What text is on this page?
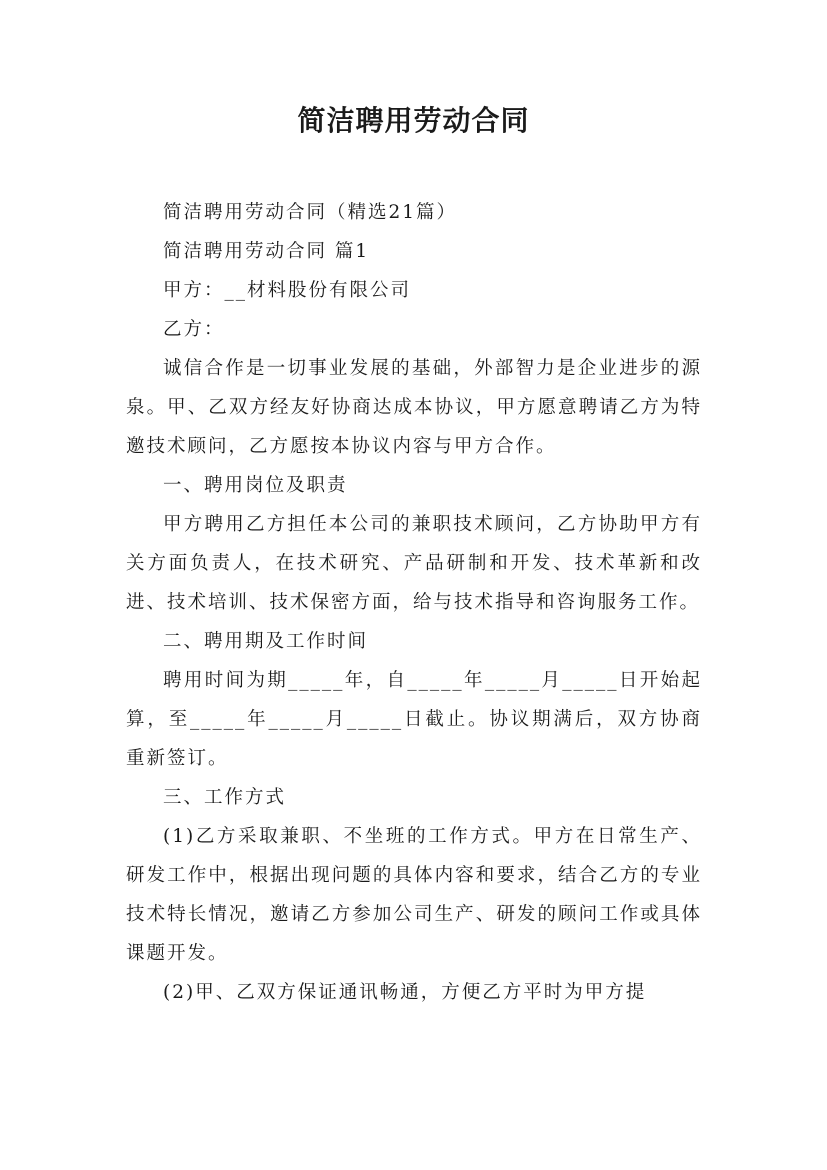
简洁聘用劳动合同

简洁聘用劳动合同（精选21篇）

简洁聘用劳动合同 篇1

甲方：__材料股份有限公司

乙方：

诚信合作是一切事业发展的基础，外部智力是企业进步的源泉。甲、乙双方经友好协商达成本协议，甲方愿意聘请乙方为特邀技术顾问，乙方愿按本协议内容与甲方合作。

一、聘用岗位及职责

甲方聘用乙方担任本公司的兼职技术顾问，乙方协助甲方有关方面负责人，在技术研究、产品研制和开发、技术革新和改进、技术培训、技术保密方面，给与技术指导和咨询服务工作。

二、聘用期及工作时间

聘用时间为期_____年，自_____年_____月_____日开始起算，至_____年_____月_____日截止。协议期满后，双方协商重新签订。

三、工作方式

(1)乙方采取兼职、不坐班的工作方式。甲方在日常生产、研发工作中，根据出现问题的具体内容和要求，结合乙方的专业技术特长情况，邀请乙方参加公司生产、研发的顾问工作或具体课题开发。

(2)甲、乙双方保证通讯畅通，方便乙方平时为甲方提
